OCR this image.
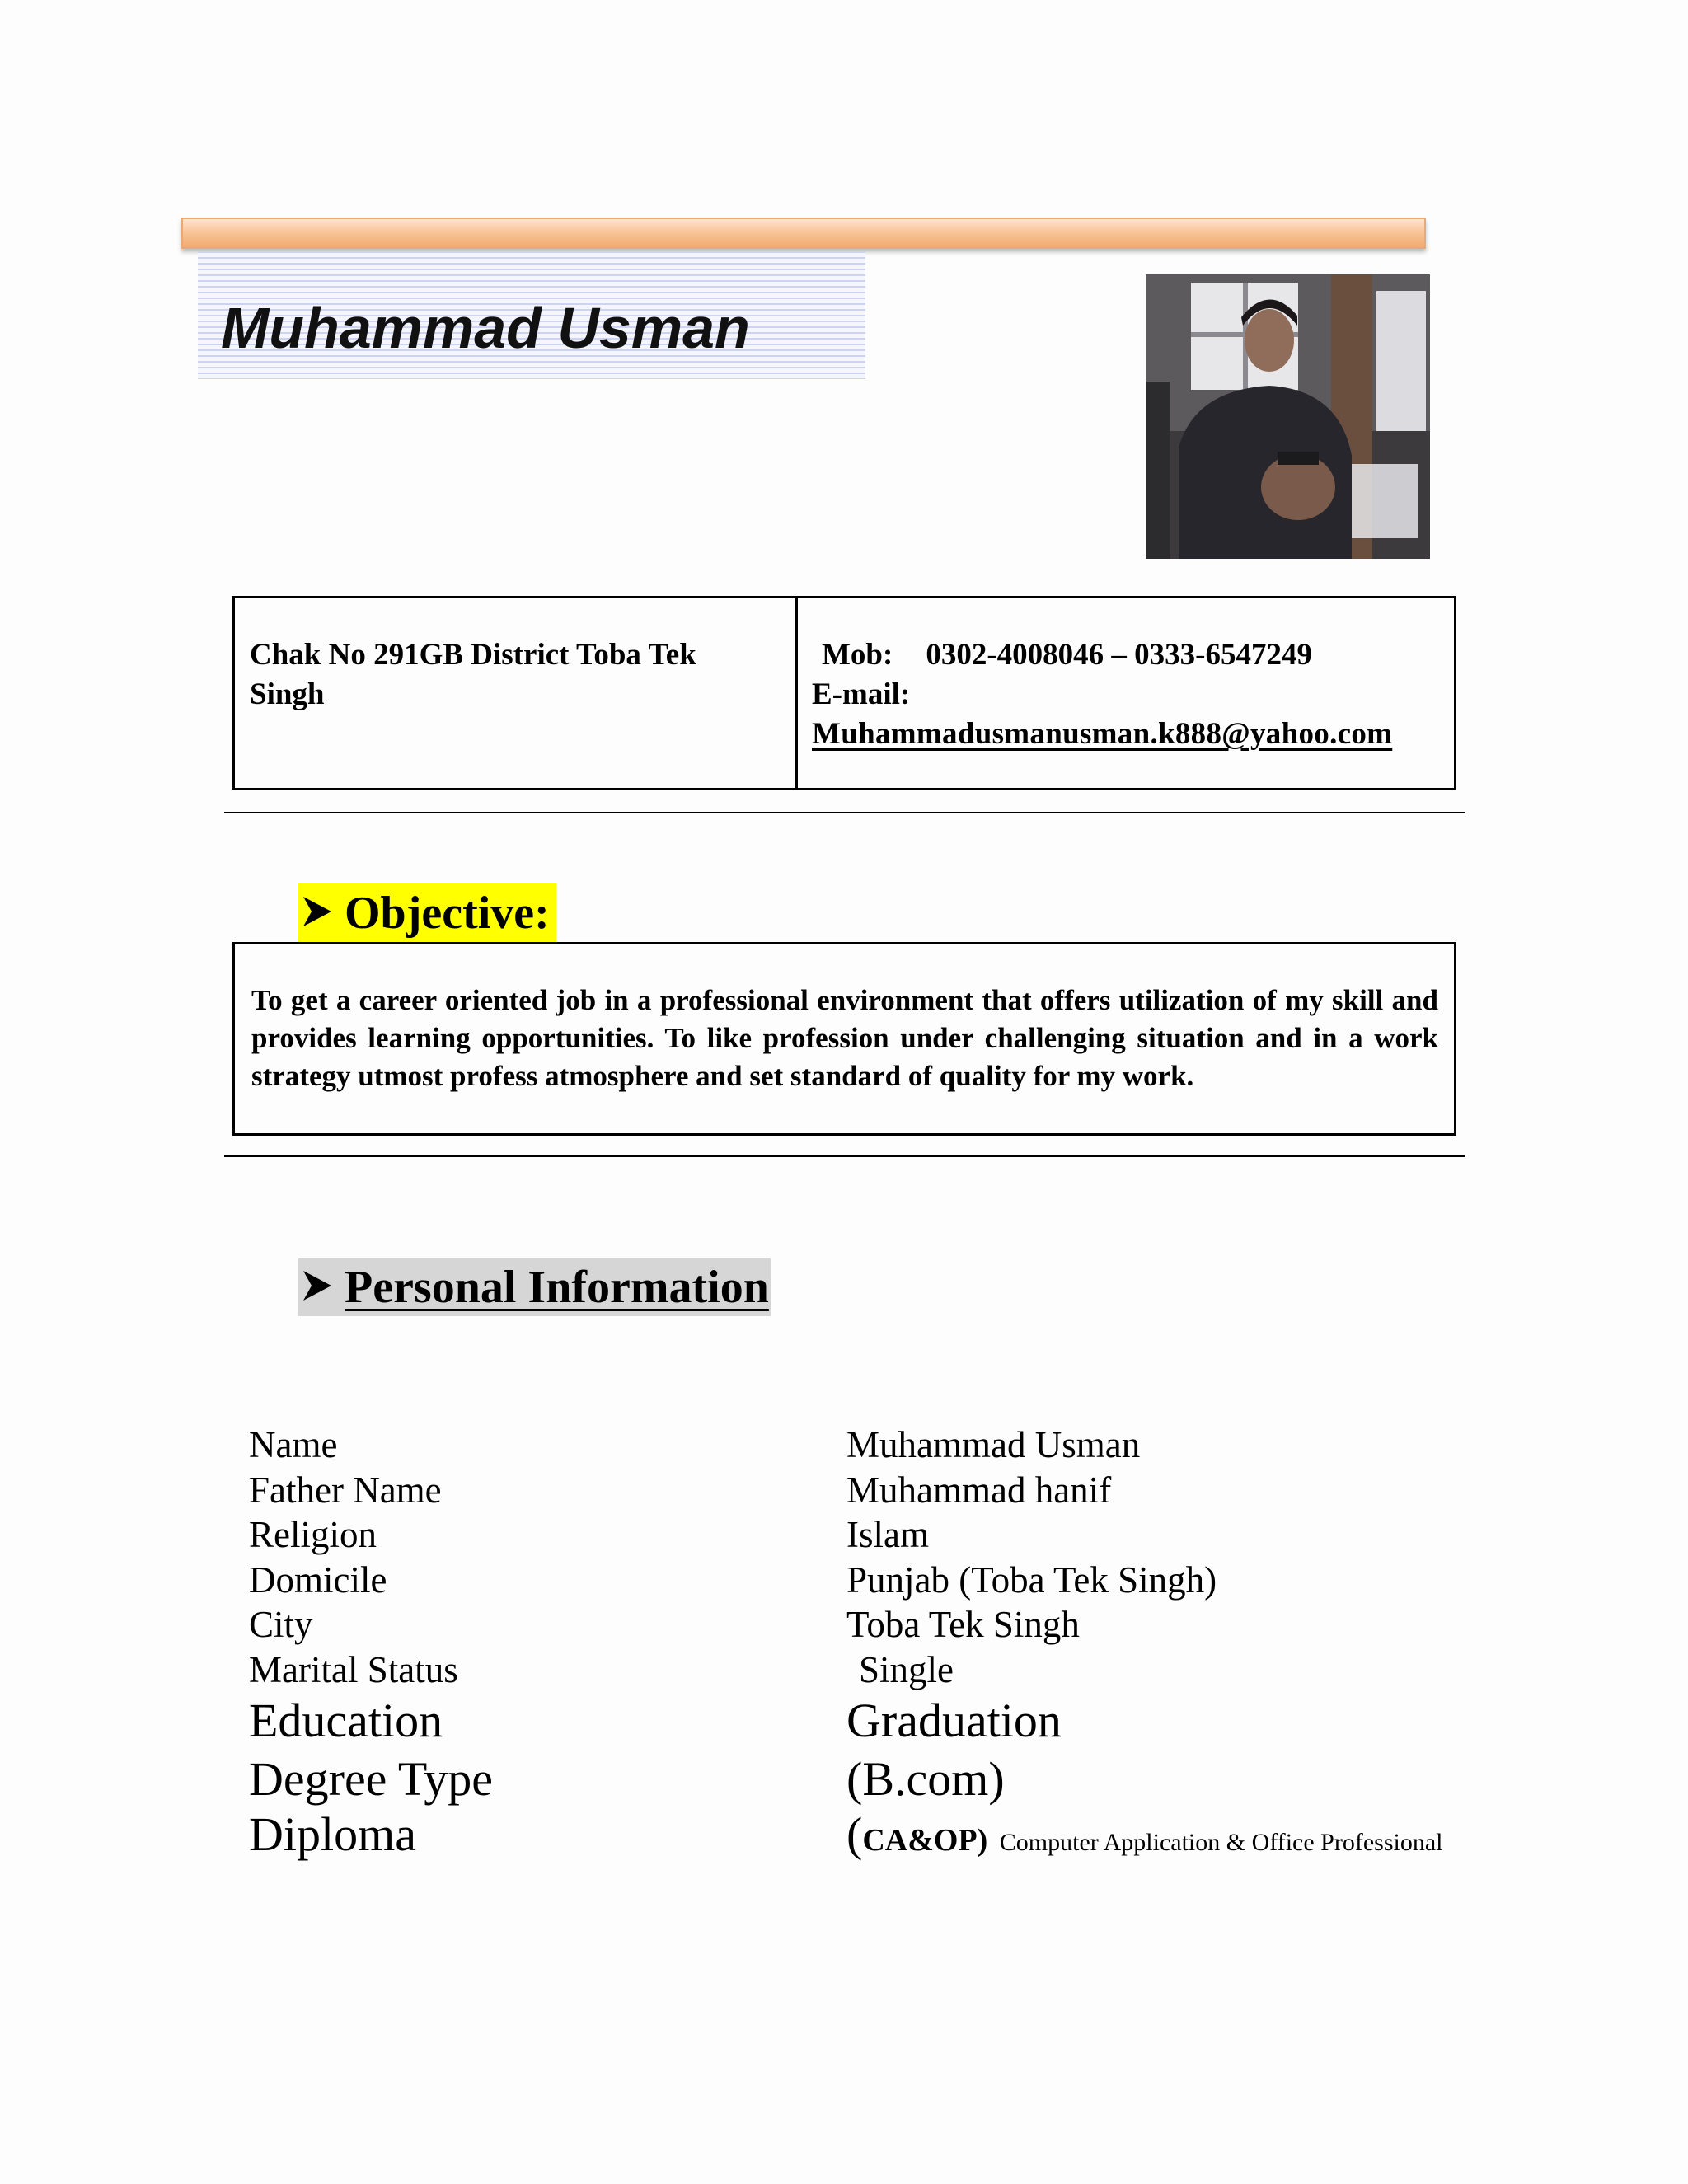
Muhammad Usman
Chak No 291GB District Toba Tek Singh
Mob: 0302-4008046 – 0333-6547249
E-mail:
Muhammadusmanusman.k888@yahoo.com
Objective:
To get a career oriented job in a professional environment that offers utilization of my skill and provides learning opportunities. To like profession under challenging situation and in a work strategy utmost profess atmosphere and set standard of quality for my work.
Personal Information
Name	Muhammad Usman
Father Name	Muhammad hanif
Religion	Islam
Domicile	Punjab (Toba Tek Singh)
City	Toba Tek Singh
Marital Status	Single
Education	Graduation
Degree Type	(B.com)
Diploma	(CA&OP) Computer Application & Office Professional
